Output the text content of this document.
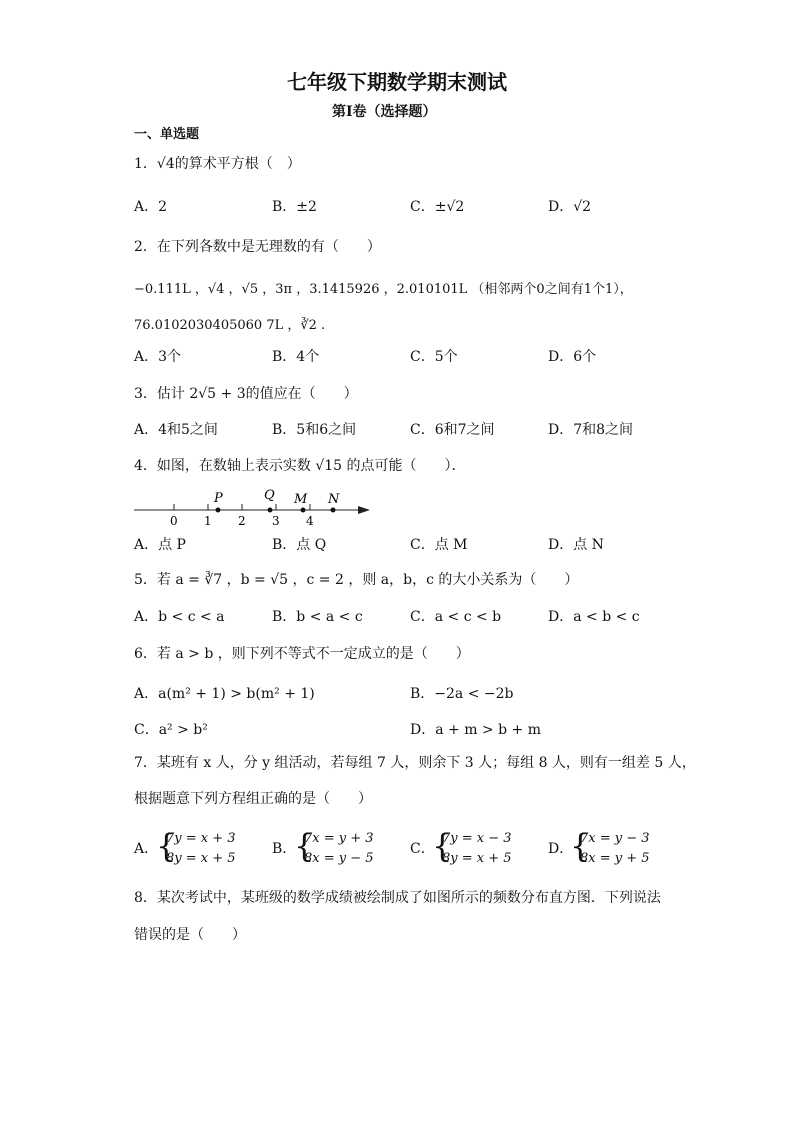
七年级下期数学期末测试
第Ⅰ卷（选择题）
一、单选题
1．√4的算术平方根（　）
A．2	B．±2	C．±√2	D．√2
2．在下列各数中是无理数的有（　　）
−0.111L ，√4 ，√5 ，3π ，3.1415926 ，2.010101L （相邻两个0之间有1个1），
76.0102030405060 7L ，∛2 .
A．3个	B．4个	C．5个	D．6个
3．估计 2√5 + 3的值应在（　　）
A．4和5之间	B．5和6之间	C．6和7之间	D．7和8之间
4．如图，在数轴上表示实数 √15 的点可能（　　）．
0 1 2 3 4
P	Q M N
A．点 P	B．点 Q	C．点 M	D．点 N
5．若 a = ∛7 ，b = √5 ，c = 2 ，则 a，b，c 的大小关系为（　　）
A．b < c < a	B．b < a < c	C．a < c < b	D．a < b < c
6．若 a > b ，则下列不等式不一定成立的是（　　）
A．a(m² + 1) > b(m² + 1)	B．−2a < −2b
C．a² > b²	D．a + m > b + m
7．某班有 x 人，分 y 组活动，若每组 7 人，则余下 3 人；每组 8 人，则有一组差 5 人，
根据题意下列方程组正确的是（　　）
A．
{
7y = x + 3
8y = x + 5
B．
{
7x = y + 3
8x = y − 5
C．
{
7y = x − 3
8y = x + 5
D．
{
7x = y − 3
8x = y + 5
8．某次考试中，某班级的数学成绩被绘制成了如图所示的频数分布直方图．下列说法
错误的是（　　）
